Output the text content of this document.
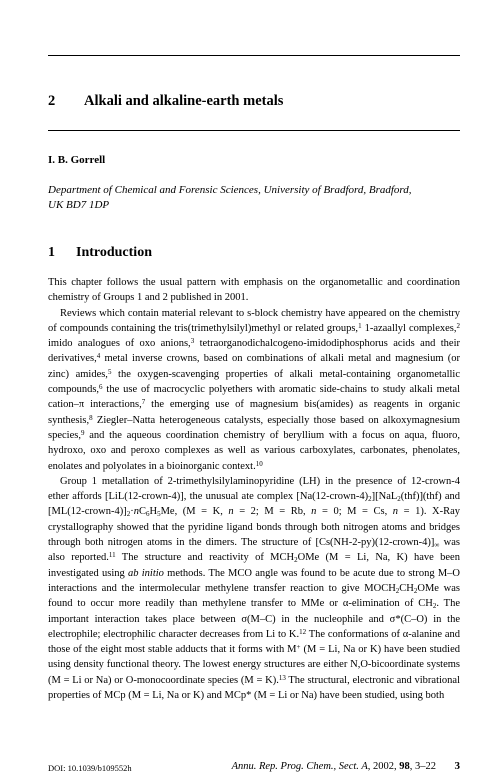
2 Alkali and alkaline-earth metals
I. B. Gorrell
Department of Chemical and Forensic Sciences, University of Bradford, Bradford,
UK BD7 1DP
1 Introduction

This chapter follows the usual pattern with emphasis on the organometallic and coordination chemistry of Groups 1 and 2 published in 2001.

Reviews which contain material relevant to s-block chemistry have appeared on the chemistry of compounds containing the tris(trimethylsilyl)methyl or related groups,$^1$ 1-azaallyl complexes,$^2$ imido analogues of oxo anions,$^3$ tetraorganodichalcogeno-imidodiphosphorus acids and their derivatives,$^4$ metal inverse crowns, based on combinations of alkali metal and magnesium (or zinc) amides,$^5$ the oxygen-scavenging properties of alkali metal-containing organometallic compounds,$^6$ the use of macrocyclic polyethers with aromatic side-chains to study alkali metal cation–π interactions,$^7$ the emerging use of magnesium bis(amides) as reagents in organic synthesis,$^8$ Ziegler–Natta heterogeneous catalysts, especially those based on alkoxymagnesium species,$^9$ and the aqueous coordination chemistry of beryllium with a focus on aqua, fluoro, hydroxo, oxo and peroxo complexes as well as various carboxylates, carbonates, phenolates, enolates and polyolates in a bioinorganic context.$^{10}$

Group 1 metallation of 2-trimethylsilylaminopyridine (LH) in the presence of 12-crown-4 ether affords [LiL(12-crown-4)], the unusual ate complex $[Na(12-crown-4)_2][NaL_2(thf)](thf)$ and $[ML(12-crown-4)]_2\cdot nC_6H_5Me$, (M = K, n = 2; M = Rb, n = 0; M = Cs, n = 1). X-Ray crystallography showed that the pyridine ligand bonds through both nitrogen atoms and bridges through both nitrogen atoms in the dimers. The structure of $[Cs(NH-2-py)(12-crown-4)]_\infty$ was also reported.$^{11}$ The structure and reactivity of $MCH_2OMe$ (M = Li, Na, K) have been investigated using ab initio methods. The MCO angle was found to be acute due to strong M–O interactions and the intermolecular methylene transfer reaction to give $MOCH_2CH_2OMe$ was found to occur more readily than methylene transfer to MMe or α-elimination of $CH_2$. The important interaction takes place between σ(M–C) in the nucleophile and σ*(C–O) in the electrophile; electrophilic character decreases from Li to K.$^{12}$ The conformations of α-alanine and those of the eight most stable adducts that it forms with M+ (M = Li, Na or K) have been studied using density functional theory. The lowest energy structures are either N,O-bicoordinate systems (M = Li or Na) or O-monocoordinate species (M = K).$^{13}$ The structural, electronic and vibrational properties of MCp (M = Li, Na or K) and MCp* (M = Li or Na) have been studied, using both

DOI: 10.1039/b109552h	Annu. Rep. Prog. Chem., Sect. A, 2002, 98, 3–22 3
